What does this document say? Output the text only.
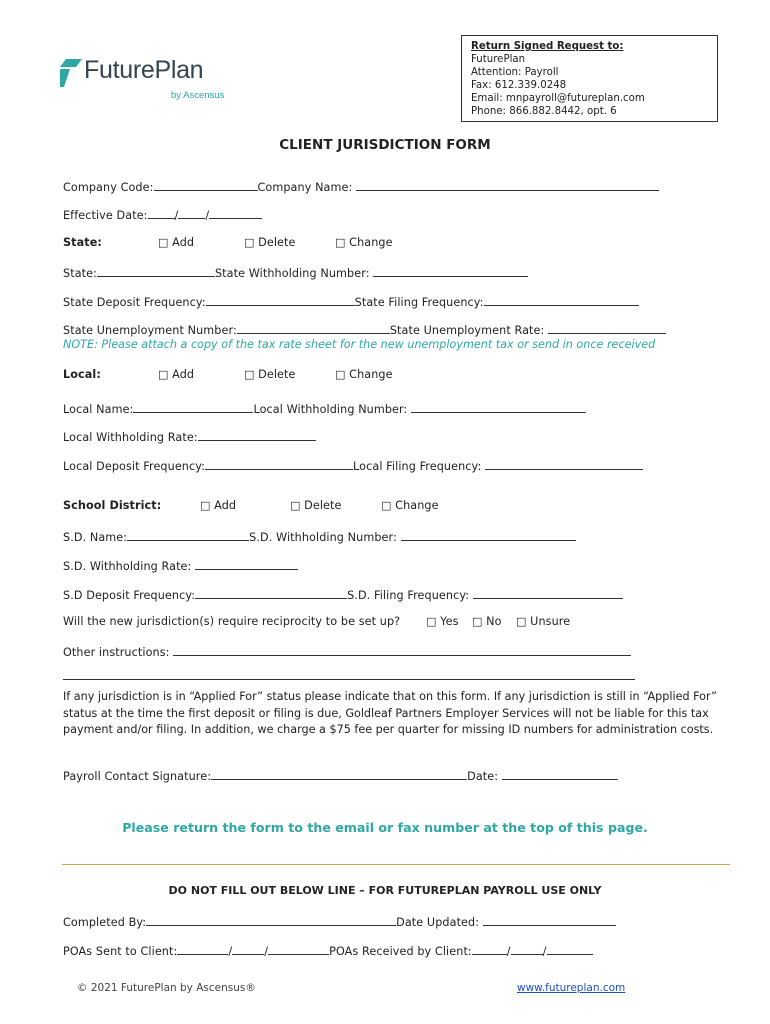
FuturePlan
by Ascensus
Return Signed Request to:
FuturePlan
Attention: Payroll
Fax: 612.339.0248
Email: mnpayroll@futureplan.com
Phone: 866.882.8442, opt. 6
CLIENT JURISDICTION FORM
Company Code:	Company Name:
Effective Date: / /
State:	□ Add	□ Delete	□ Change
State:	State Withholding Number:
State Deposit Frequency:	State Filing Frequency:
State Unemployment Number:	State Unemployment Rate:
NOTE: Please attach a copy of the tax rate sheet for the new unemployment tax or send in once received
Local:	□ Add	□ Delete	□ Change
Local Name:	Local Withholding Number:
Local Withholding Rate:
Local Deposit Frequency:	Local Filing Frequency:
School District:	□ Add	□ Delete	□ Change
S.D. Name:	S.D. Withholding Number:
S.D. Withholding Rate:
S.D Deposit Frequency:	S.D. Filing Frequency:
Will the new jurisdiction(s) require reciprocity to be set up? □ Yes □ No □ Unsure
Other instructions:
If any jurisdiction is in “Applied For” status please indicate that on this form. If any jurisdiction is still in “Applied For” status at the time the first deposit or filing is due, Goldleaf Partners Employer Services will not be liable for this tax payment and/or filing. In addition, we charge a $75 fee per quarter for missing ID numbers for administration costs.
Payroll Contact Signature:	Date:
Please return the form to the email or fax number at the top of this page.
DO NOT FILL OUT BELOW LINE – FOR FUTUREPLAN PAYROLL USE ONLY
Completed By:	Date Updated:
POAs Sent to Client:	/	/	POAs Received by Client:	/	/
© 2021 FuturePlan by Ascensus®	www.futureplan.com
